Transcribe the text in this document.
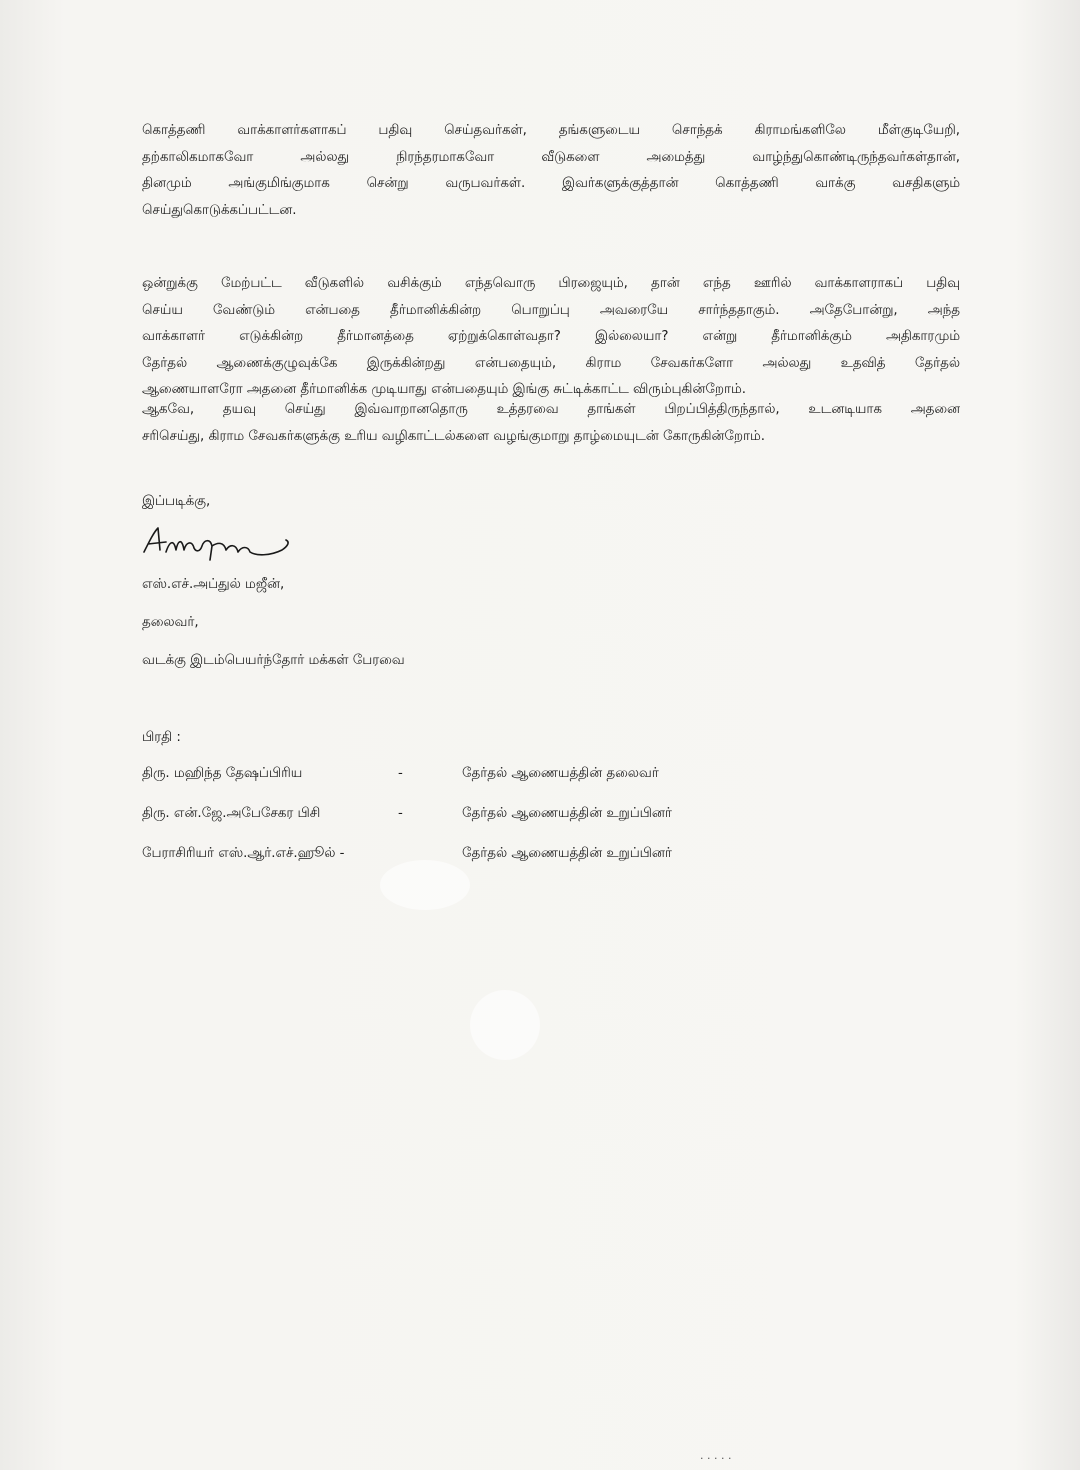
கொத்தணி வாக்காளர்களாகப் பதிவு செய்தவர்கள், தங்களுடைய சொந்தக் கிராமங்களிலே மீள்குடியேறி,
தற்காலிகமாகவோ அல்லது நிரந்தரமாகவோ வீடுகளை அமைத்து வாழ்ந்துகொண்டிருந்தவர்கள்தான்,
தினமும் அங்குமிங்குமாக சென்று வருபவர்கள். இவர்களுக்குத்தான் கொத்தணி வாக்கு வசதிகளும்
செய்துகொடுக்கப்பட்டன.
ஒன்றுக்கு மேற்பட்ட வீடுகளில் வசிக்கும் எந்தவொரு பிரஜையும், தான் எந்த ஊரில் வாக்காளராகப் பதிவு
செய்ய வேண்டும் என்பதை தீர்மானிக்கின்ற பொறுப்பு அவரையே சார்ந்ததாகும். அதேபோன்று, அந்த
வாக்காளர் எடுக்கின்ற தீர்மானத்தை ஏற்றுக்கொள்வதா? இல்லையா? என்று தீர்மானிக்கும் அதிகாரமும்
தேர்தல் ஆணைக்குழுவுக்கே இருக்கின்றது என்பதையும், கிராம சேவகர்களோ அல்லது உதவித் தேர்தல்
ஆணையாளரோ அதனை தீர்மானிக்க முடியாது என்பதையும் இங்கு சுட்டிக்காட்ட விரும்புகின்றோம்.
ஆகவே, தயவு செய்து இவ்வாறானதொரு உத்தரவை தாங்கள் பிறப்பித்திருந்தால், உடனடியாக அதனை
சரிசெய்து, கிராம சேவகர்களுக்கு உரிய வழிகாட்டல்களை வழங்குமாறு தாழ்மையுடன் கோருகின்றோம்.
இப்படிக்கு,
எஸ்.எச்.அப்துல் மஜீன்,
தலைவர்,
வடக்கு இடம்பெயர்ந்தோர் மக்கள் பேரவை
பிரதி :
திரு. மஹிந்த தேஷப்பிரிய	-	தேர்தல் ஆணையத்தின் தலைவர்
திரு. என்.ஜே.அபேசேகர பிசி	-	தேர்தல் ஆணையத்தின் உறுப்பினர்
பேராசிரியர் எஸ்.ஆர்.எச்.ஹூல் -	தேர்தல் ஆணையத்தின் உறுப்பினர்
· · · · ·
